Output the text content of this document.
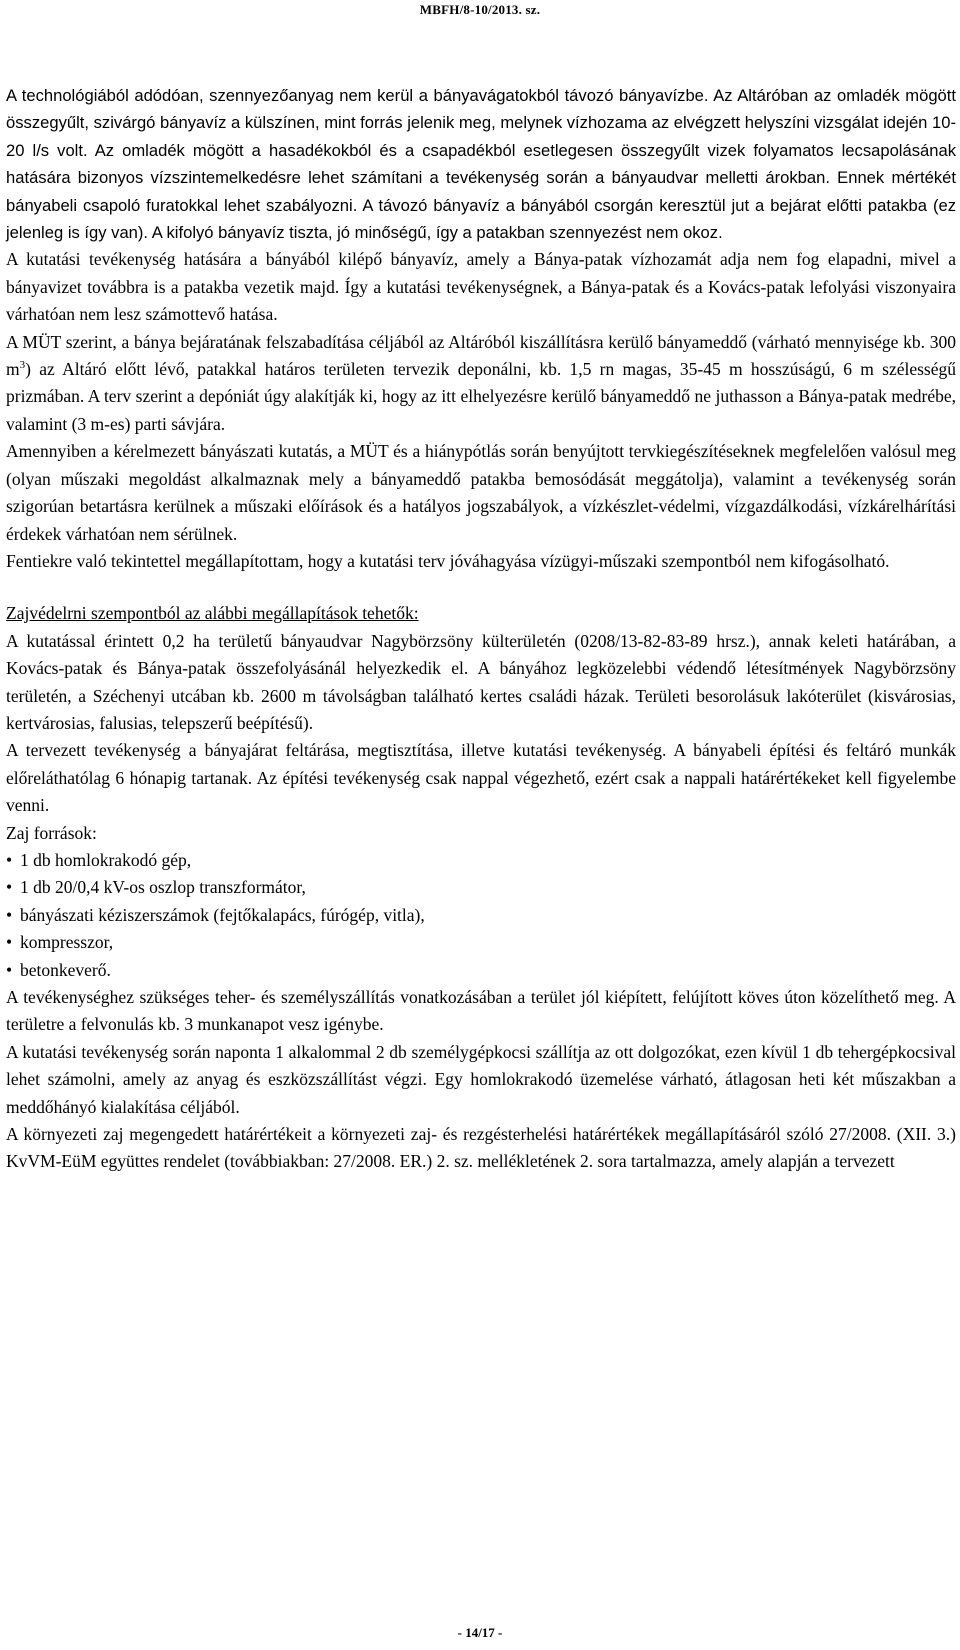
MBFH/8-10/2013. sz.

A technológiából adódóan, szennyezőanyag nem kerül a bányavágatokból távozó bányavízbe. Az Altáróban az omladék mögött összegyűlt, szivárgó bányavíz a külszínen, mint forrás jelenik meg, melynek vízhozama az elvégzett helyszíni vizsgálat idején 10-20 l/s volt. Az omladék mögött a hasadékokból és a csapadékból esetlegesen összegyűlt vizek folyamatos lecsapolásának hatására bizonyos vízszintemelkedésre lehet számítani a tevékenység során a bányaudvar melletti árokban. Ennek mértékét bányabeli csapoló furatokkal lehet szabályozni. A távozó bányavíz a bányából csorgán keresztül jut a bejárat előtti patakba (ez jelenleg is így van). A kifolyó bányavíz tiszta, jó minőségű, így a patakban szennyezést nem okoz.

A kutatási tevékenység hatására a bányából kilépő bányavíz, amely a Bánya-patak vízhozamát adja nem fog elapadni, mivel a bányavizet továbbra is a patakba vezetik majd. Így a kutatási tevékenységnek, a Bánya-patak és a Kovács-patak lefolyási viszonyaira várhatóan nem lesz számottevő hatása.

A MÜT szerint, a bánya bejáratának felszabadítása céljából az Altáróból kiszállításra kerülő bányameddő (várható mennyisége kb. 300 $m^3$) az Altáró előtt lévő, patakkal határos területen tervezik deponálni, kb. 1,5 rn magas, 35-45 m hosszúságú, 6 m szélességű prizmában. A terv szerint a depóniát úgy alakítják ki, hogy az itt elhelyezésre kerülő bányameddő ne juthasson a Bánya-patak medrébe, valamint (3 m-es) parti sávjára.

Amennyiben a kérelmezett bányászati kutatás, a MÜT és a hiánypótlás során benyújtott tervkiegészítéseknek megfelelően valósul meg (olyan műszaki megoldást alkalmaznak mely a bányameddő patakba bemosódását meggátolja), valamint a tevékenység során szigorúan betartásra kerülnek a műszaki előírások és a hatályos jogszabályok, a vízkészlet-védelmi, vízgazdálkodási, vízkárelhárítási érdekek várhatóan nem sérülnek.

Fentiekre való tekintettel megállapítottam, hogy a kutatási terv jóváhagyása vízügyi-műszaki szempontból nem kifogásolható.

Zajvédelrni szempontból az alábbi megállapítások tehetők:

A kutatással érintett 0,2 ha területű bányaudvar Nagybörzsöny külterületén (0208/13-82-83-89 hrsz.), annak keleti határában, a Kovács-patak és Bánya-patak összefolyásánál helyezkedik el. A bányához legközelebbi védendő létesítmények Nagybörzsöny területén, a Széchenyi utcában kb. 2600 m távolságban található kertes családi házak. Területi besorolásuk lakóterület (kisvárosias, kertvárosias, falusias, telepszerű beépítésű).

A tervezett tevékenység a bányajárat feltárása, megtisztítása, illetve kutatási tevékenység. A bányabeli építési és feltáró munkák előreláthatólag 6 hónapig tartanak. Az építési tevékenység csak nappal végezhető, ezért csak a nappali határértékeket kell figyelembe venni.

Zaj források:

• 1 db homlokrakodó gép,
• 1 db 20/0,4 kV-os oszlop transzformátor,
• bányászati kéziszerszámok (fejtőkalapács, fúrógép, vitla),
• kompresszor,
• betonkeverő.

A tevékenységhez szükséges teher- és személyszállítás vonatkozásában a terület jól kiépített, felújított köves úton közelíthető meg. A területre a felvonulás kb. 3 munkanapot vesz igénybe.

A kutatási tevékenység során naponta 1 alkalommal 2 db személygépkocsi szállítja az ott dolgozókat, ezen kívül 1 db tehergépkocsival lehet számolni, amely az anyag és eszközszállítást végzi. Egy homlokrakodó üzemelése várható, átlagosan heti két műszakban a meddőhányó kialakítása céljából.

A környezeti zaj megengedett határértékeit a környezeti zaj- és rezgésterhelési határértékek megállapításáról szóló 27/2008. (XII. 3.) KvVM-EüM együttes rendelet (továbbiakban: 27/2008. ER.) 2. sz. mellékletének 2. sora tartalmazza, amely alapján a tervezett

- 14/17 -
